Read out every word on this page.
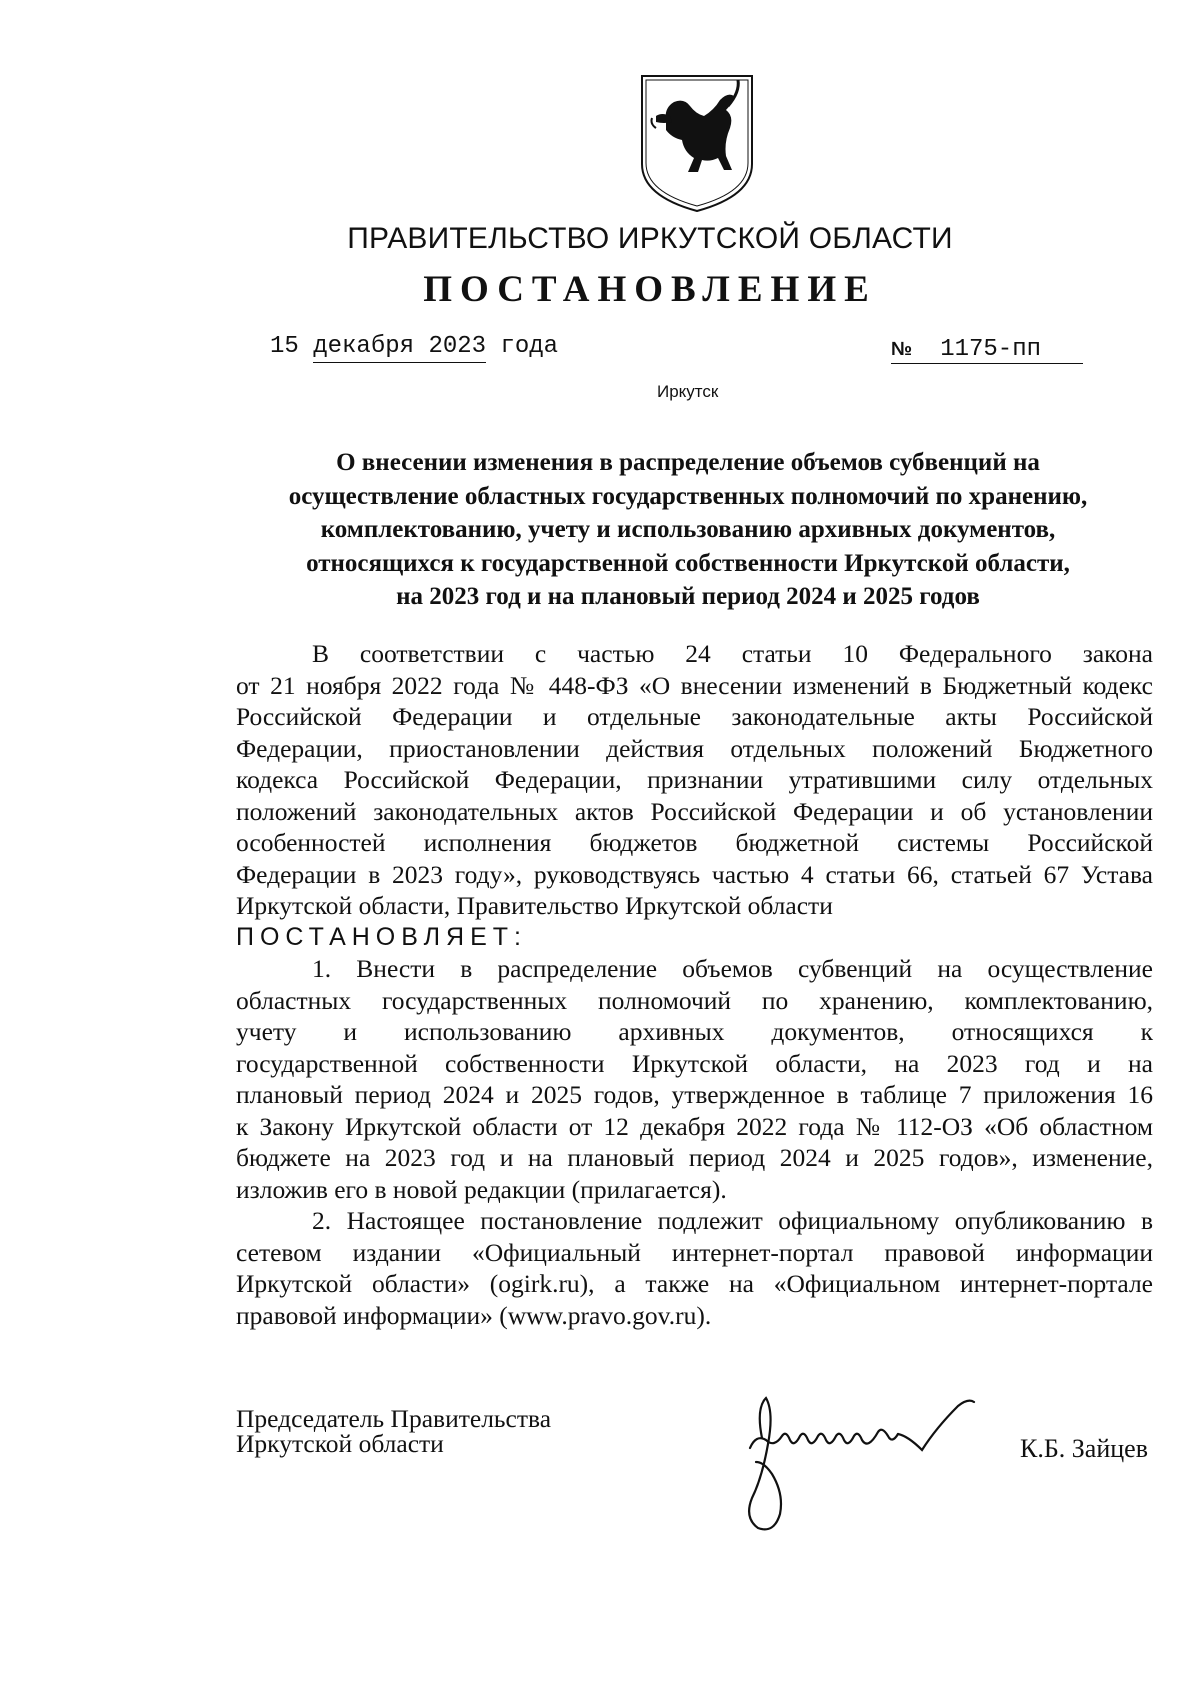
ПРАВИТЕЛЬСТВО ИРКУТСКОЙ ОБЛАСТИ
ПОСТАНОВЛЕНИЕ
15 декабря 2023 года	№ 1175-пп
Иркутск
О внесении изменения в распределение объемов субвенций на
осуществление областных государственных полномочий по хранению,
комплектованию, учету и использованию архивных документов,
относящихся к государственной собственности Иркутской области,
на 2023 год и на плановый период 2024 и 2025 годов
В соответствии с частью 24 статьи 10 Федерального закона
от 21 ноября 2022 года № 448-ФЗ «О внесении изменений в Бюджетный кодекс
Российской Федерации и отдельные законодательные акты Российской
Федерации, приостановлении действия отдельных положений Бюджетного
кодекса Российской Федерации, признании утратившими силу отдельных
положений законодательных актов Российской Федерации и об установлении
особенностей исполнения бюджетов бюджетной системы Российской
Федерации в 2023 году», руководствуясь частью 4 статьи 66, статьей 67 Устава
Иркутской области, Правительство Иркутской области
ПОСТАНОВЛЯЕТ:
1. Внести в распределение объемов субвенций на осуществление
областных государственных полномочий по хранению, комплектованию,
учету и использованию архивных документов, относящихся к
государственной собственности Иркутской области, на 2023 год и на
плановый период 2024 и 2025 годов, утвержденное в таблице 7 приложения 16
к Закону Иркутской области от 12 декабря 2022 года № 112-ОЗ «Об областном
бюджете на 2023 год и на плановый период 2024 и 2025 годов», изменение,
изложив его в новой редакции (прилагается).
2. Настоящее постановление подлежит официальному опубликованию в
сетевом издании «Официальный интернет-портал правовой информации
Иркутской области» (ogirk.ru), а также на «Официальном интернет-портале
правовой информации» (www.pravo.gov.ru).
Председатель Правительства
Иркутской области	К.Б. Зайцев
